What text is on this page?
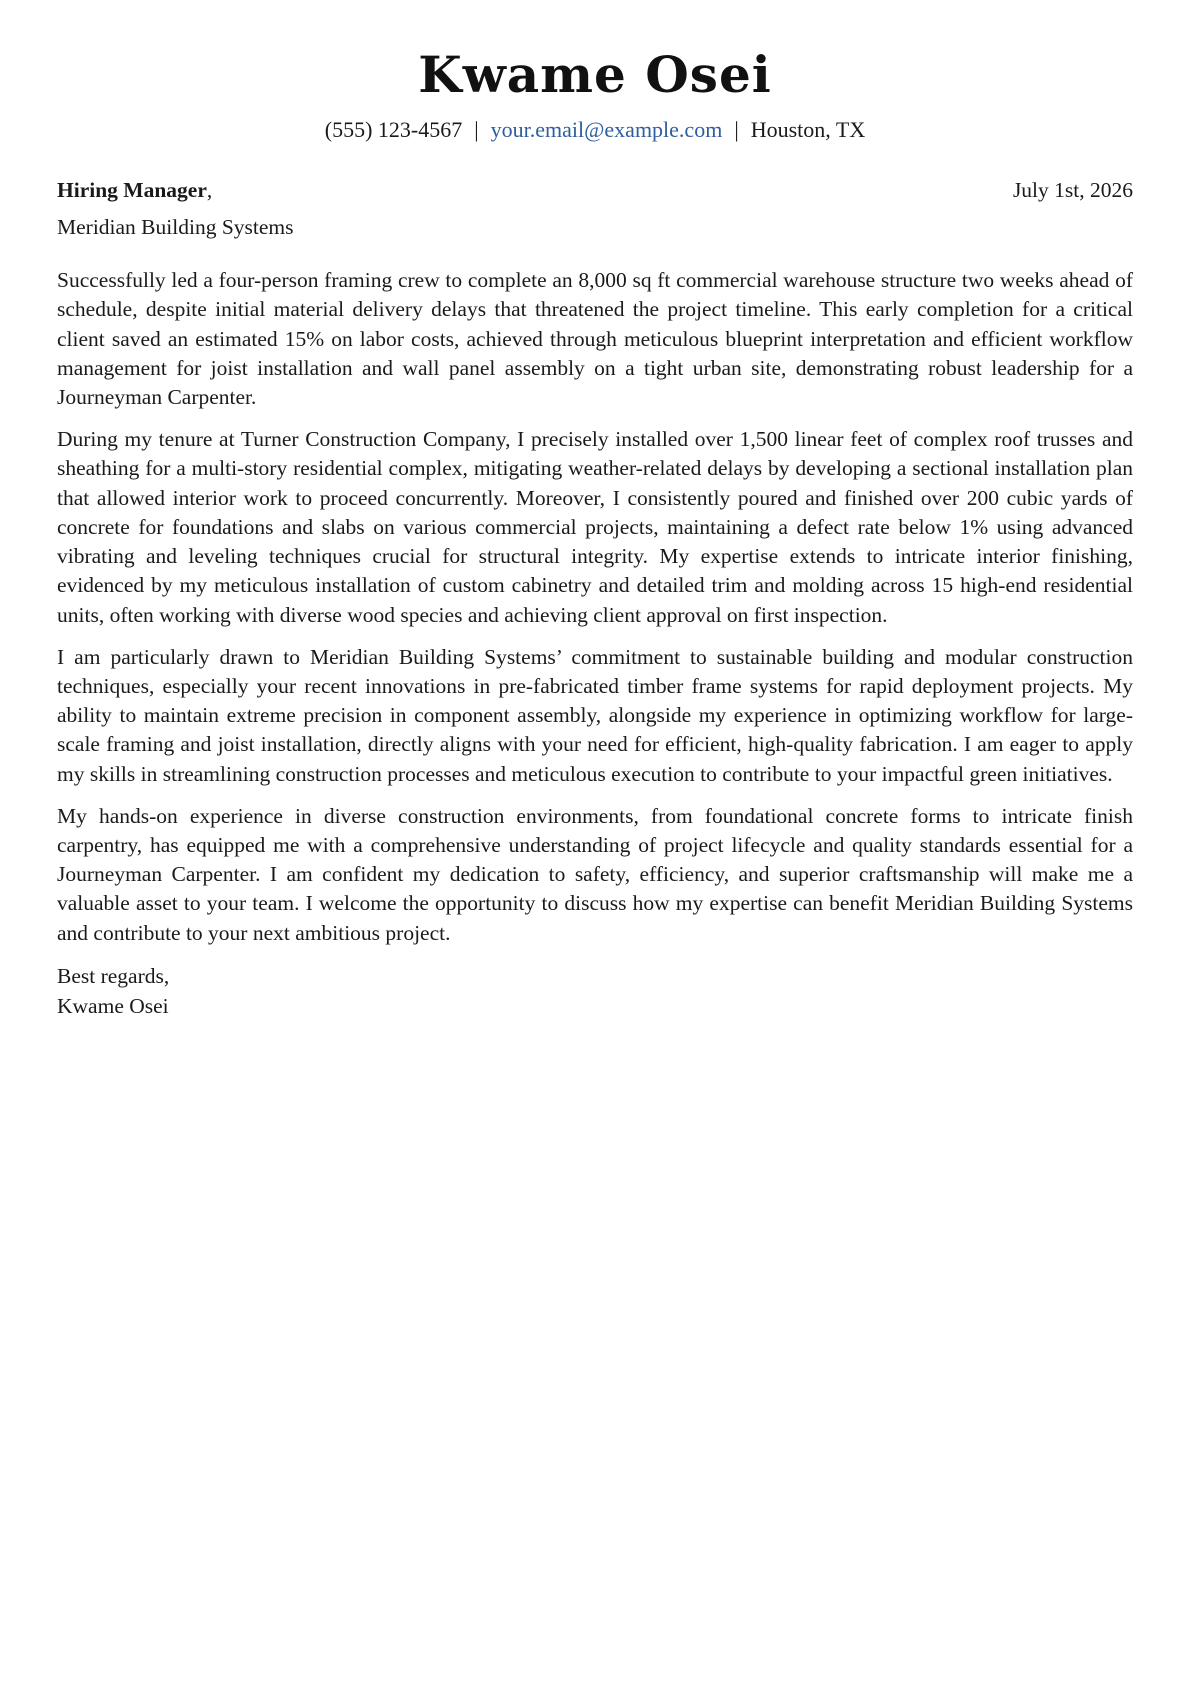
Kwame Osei
(555) 123-4567 | your.email@example.com | Houston, TX
Hiring Manager,	July 1st, 2026
Meridian Building Systems

Successfully led a four-person framing crew to complete an 8,000 sq ft commercial warehouse structure two weeks ahead of schedule, despite initial material delivery delays that threatened the project timeline. This early completion for a critical client saved an estimated 15% on labor costs, achieved through meticulous blueprint interpretation and efficient workflow management for joist installation and wall panel assembly on a tight urban site, demonstrating robust leadership for a Journeyman Carpenter.

During my tenure at Turner Construction Company, I precisely installed over 1,500 linear feet of complex roof trusses and sheathing for a multi-story residential complex, mitigating weather-related delays by developing a sectional installation plan that allowed interior work to proceed concurrently. Moreover, I consistently poured and finished over 200 cubic yards of concrete for foundations and slabs on various commercial projects, maintaining a defect rate below 1% using advanced vibrating and leveling techniques crucial for structural integrity. My expertise extends to intricate interior finishing, evidenced by my meticulous installation of custom cabinetry and detailed trim and molding across 15 high-end residential units, often working with diverse wood species and achieving client approval on first inspection.

I am particularly drawn to Meridian Building Systems’ commitment to sustainable building and modular construction techniques, especially your recent innovations in pre-fabricated timber frame systems for rapid deployment projects. My ability to maintain extreme precision in component assembly, alongside my experience in optimizing workflow for large-scale framing and joist installation, directly aligns with your need for efficient, high-quality fabrication. I am eager to apply my skills in streamlining construction processes and meticulous execution to contribute to your impactful green initiatives.

My hands-on experience in diverse construction environments, from foundational concrete forms to intricate finish carpentry, has equipped me with a comprehensive understanding of project lifecycle and quality standards essential for a Journeyman Carpenter. I am confident my dedication to safety, efficiency, and superior craftsmanship will make me a valuable asset to your team. I welcome the opportunity to discuss how my expertise can benefit Meridian Building Systems and contribute to your next ambitious project.

Best regards,
Kwame Osei
